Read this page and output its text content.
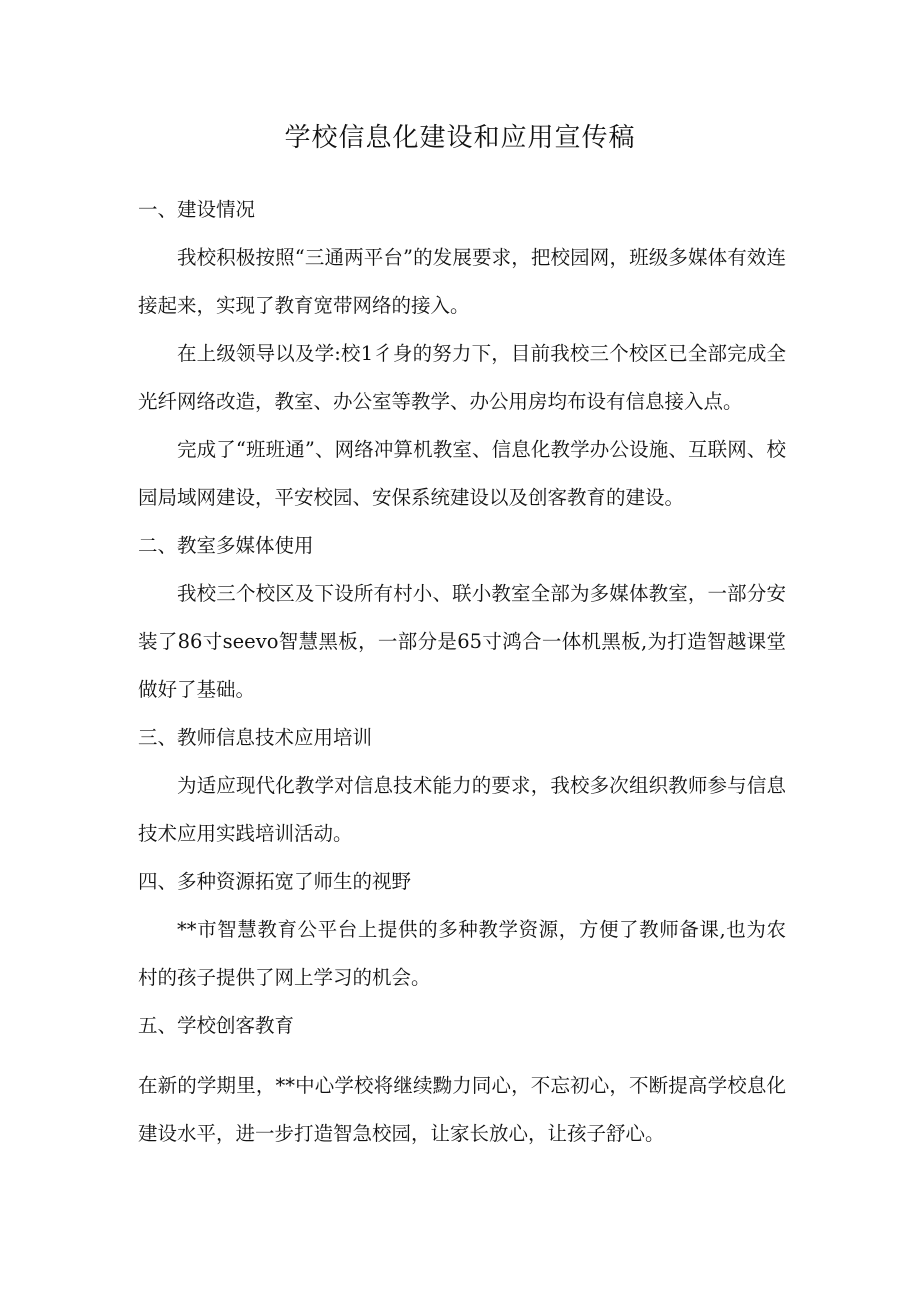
学校信息化建设和应用宣传稿
一、建设情况

我校积极按照“三通两平台”的发展要求，把校园网，班级多媒体有效连接起来，实现了教育宽带网络的接入。

在上级领导以及学:校1彳身的努力下，目前我校三个校区已全部完成全光纤网络改造，教室、办公室等教学、办公用房均布设有信息接入点。

完成了“班班通”、网络冲算机教室、信息化教学办公设施、互联网、校园局域网建设，平安校园、安保系统建设以及创客教育的建设。

二、教室多媒体使用

我校三个校区及下设所有村小、联小教室全部为多媒体教室，一部分安装了86寸seevo智慧黑板，一部分是65寸鸿合一体机黑板,为打造智越课堂做好了基础。

三、教师信息技术应用培训

为适应现代化教学对信息技术能力的要求，我校多次组织教师参与信息技术应用实践培训活动。

四、多种资源拓宽了师生的视野

**市智慧教育公平台上提供的多种教学资源，方便了教师备课,也为农村的孩子提供了网上学习的机会。

五、学校创客教育

在新的学期里，**中心学校将继续黝力同心，不忘初心，不断提高学校息化建设水平，进一步打造智急校园，让家长放心，让孩子舒心。
